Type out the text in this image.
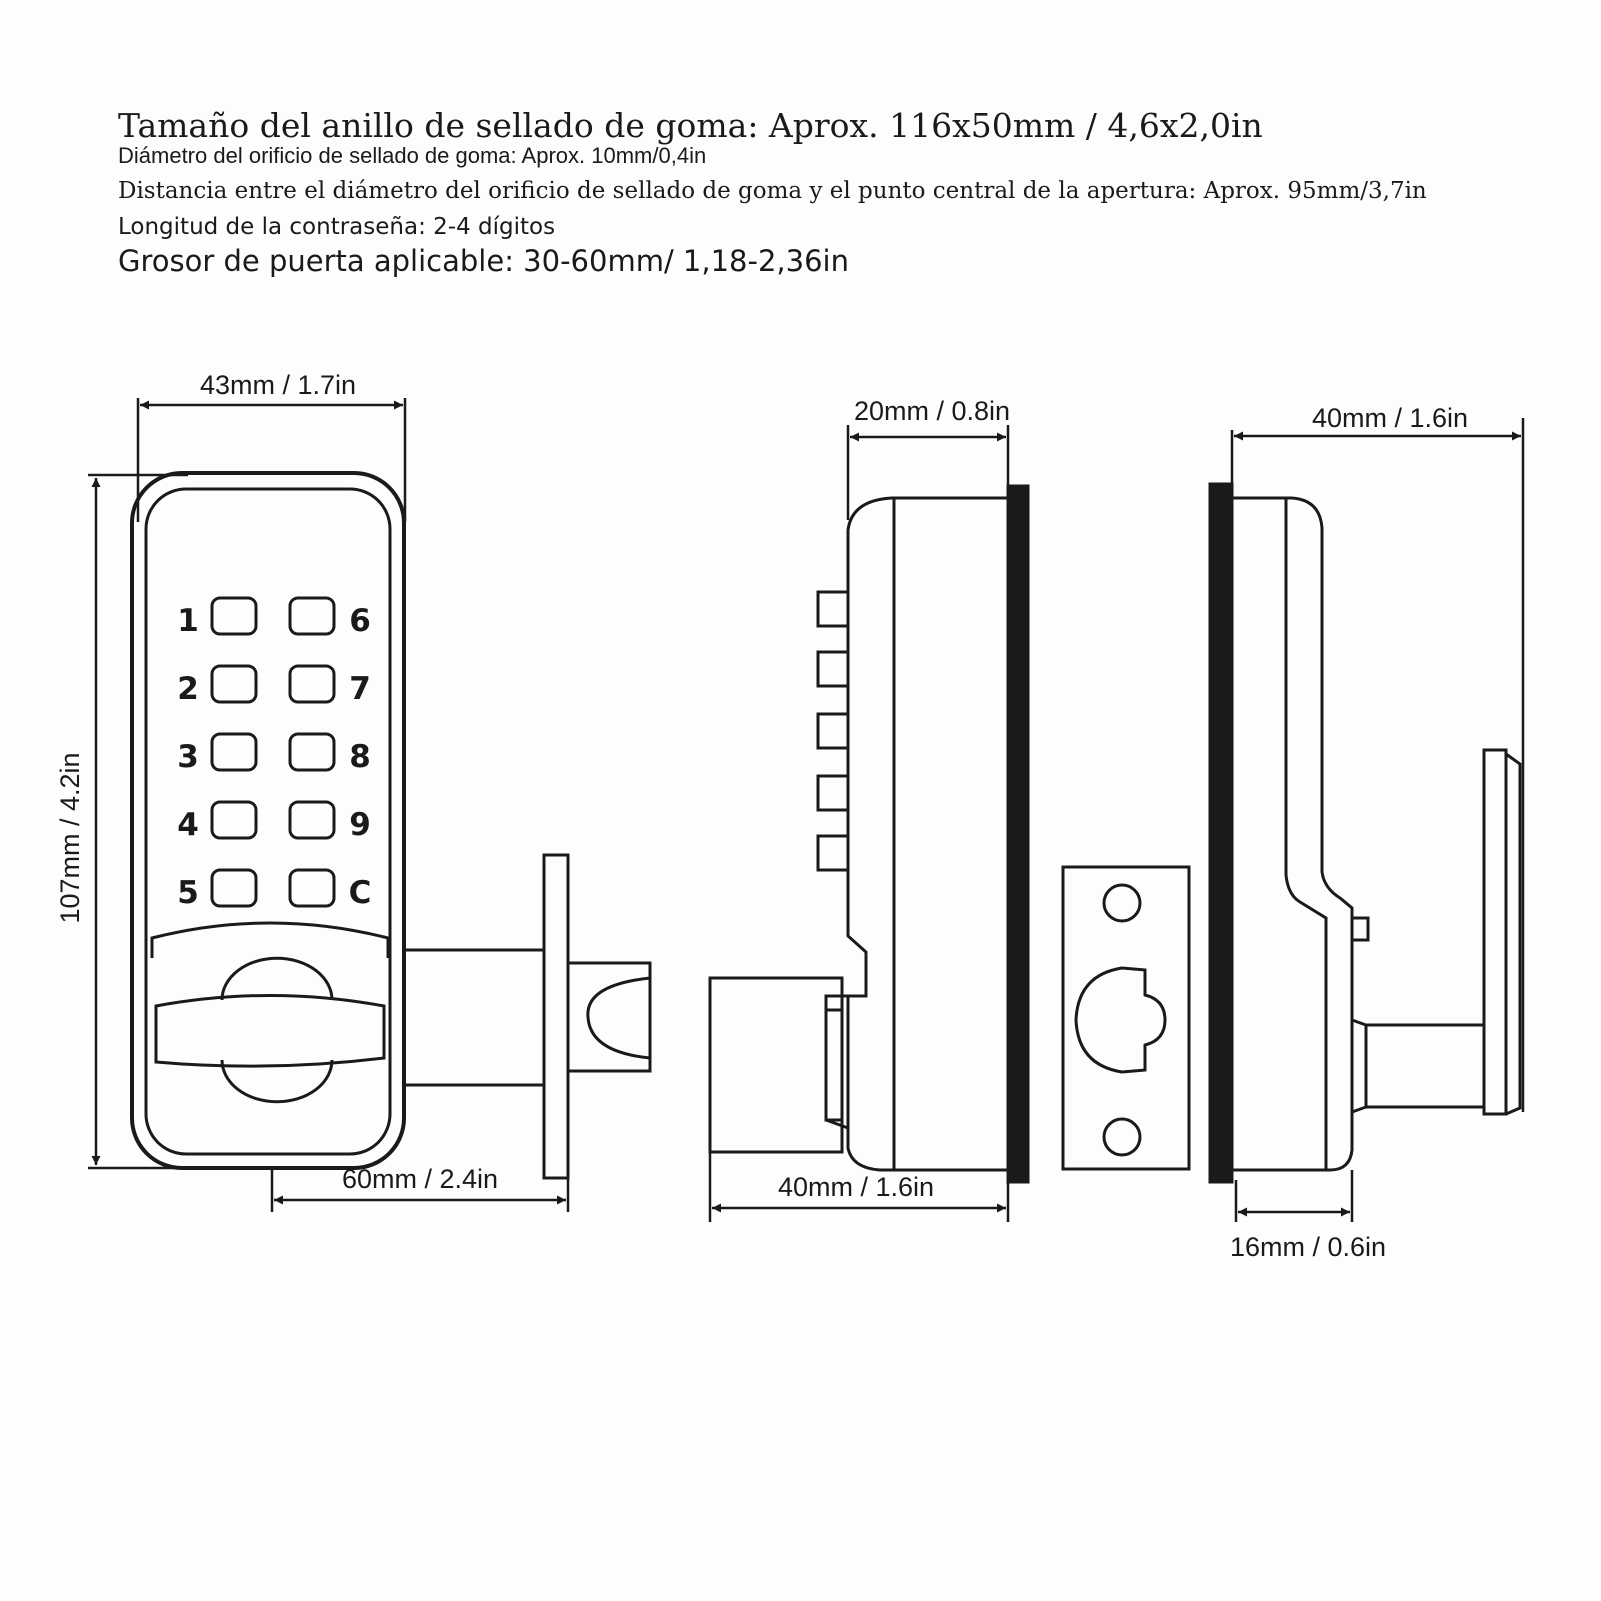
Tamaño del anillo de sellado de goma: Aprox. 116x50mm / 4,6x2,0in

Diámetro del orificio de sellado de goma: Aprox. 10mm/0,4in

Distancia entre el diámetro del orificio de sellado de goma y el punto central de la apertura: Aprox. 95mm/3,7in

Longitud de la contraseña: 2-4 dígitos

Grosor de puerta aplicable: 30-60mm/ 1,18-2,36in

1
2
3
4
5
6
7
8
9
C
43mm / 1.7in
107mm / 4.2in
60mm / 2.4in
20mm / 0.8in
40mm / 1.6in
40mm / 1.6in
16mm / 0.6in
